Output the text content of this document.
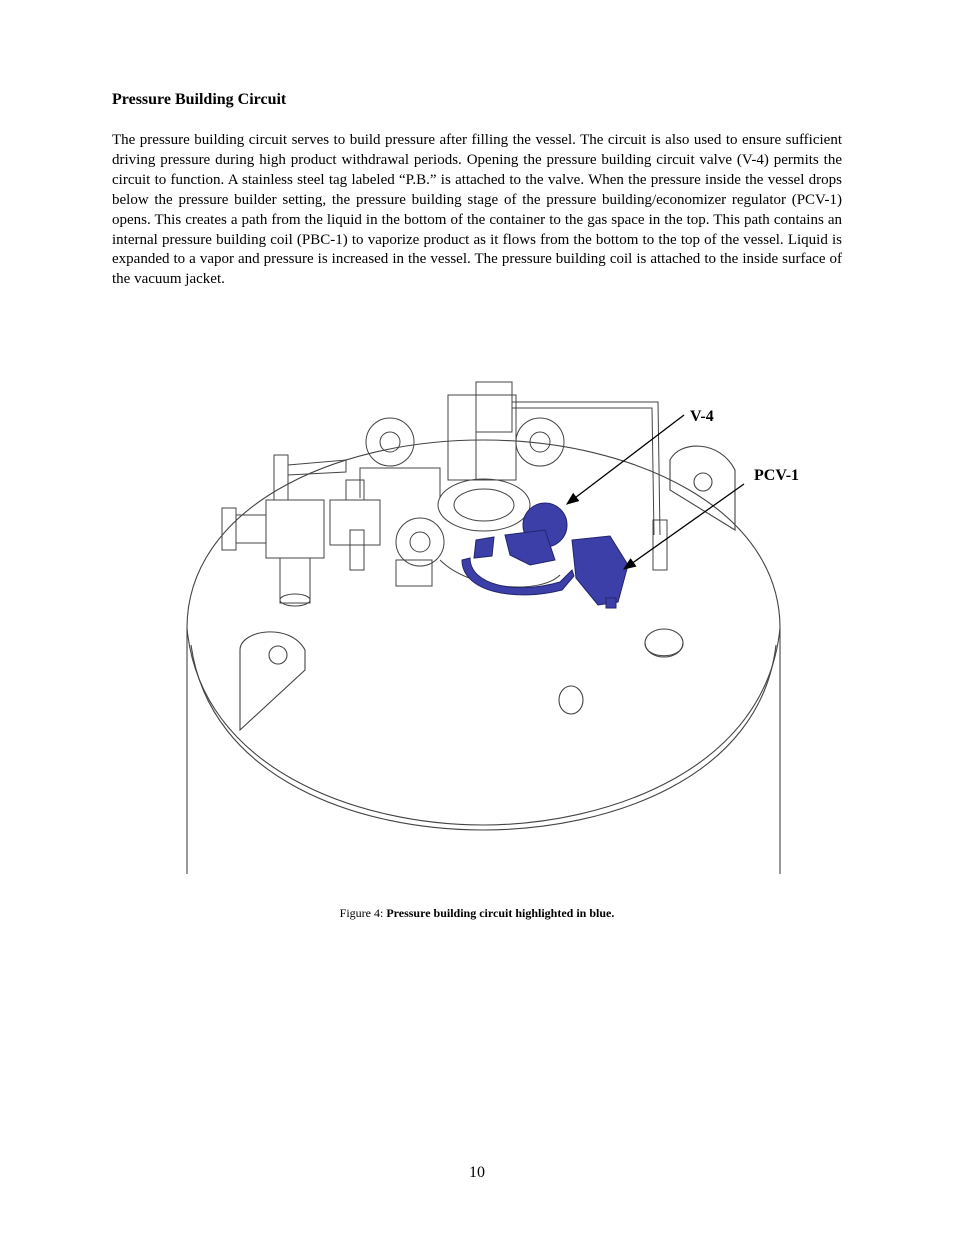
Pressure Building Circuit

The pressure building circuit serves to build pressure after filling the vessel. The circuit is also used to ensure sufficient driving pressure during high product withdrawal periods. Opening the pressure building circuit valve (V-4) permits the circuit to function. A stainless steel tag labeled “P.B.” is attached to the valve. When the pressure inside the vessel drops below the pressure builder setting, the pressure building stage of the pressure building/economizer regulator (PCV-1) opens. This creates a path from the liquid in the bottom of the container to the gas space in the top. This path contains an internal pressure building coil (PBC-1) to vaporize product as it flows from the bottom to the top of the vessel. Liquid is expanded to a vapor and pressure is increased in the vessel. The pressure building coil is attached to the inside surface of the vacuum jacket.

V-4
PCV-1
Figure 4: Pressure building circuit highlighted in blue.
10
